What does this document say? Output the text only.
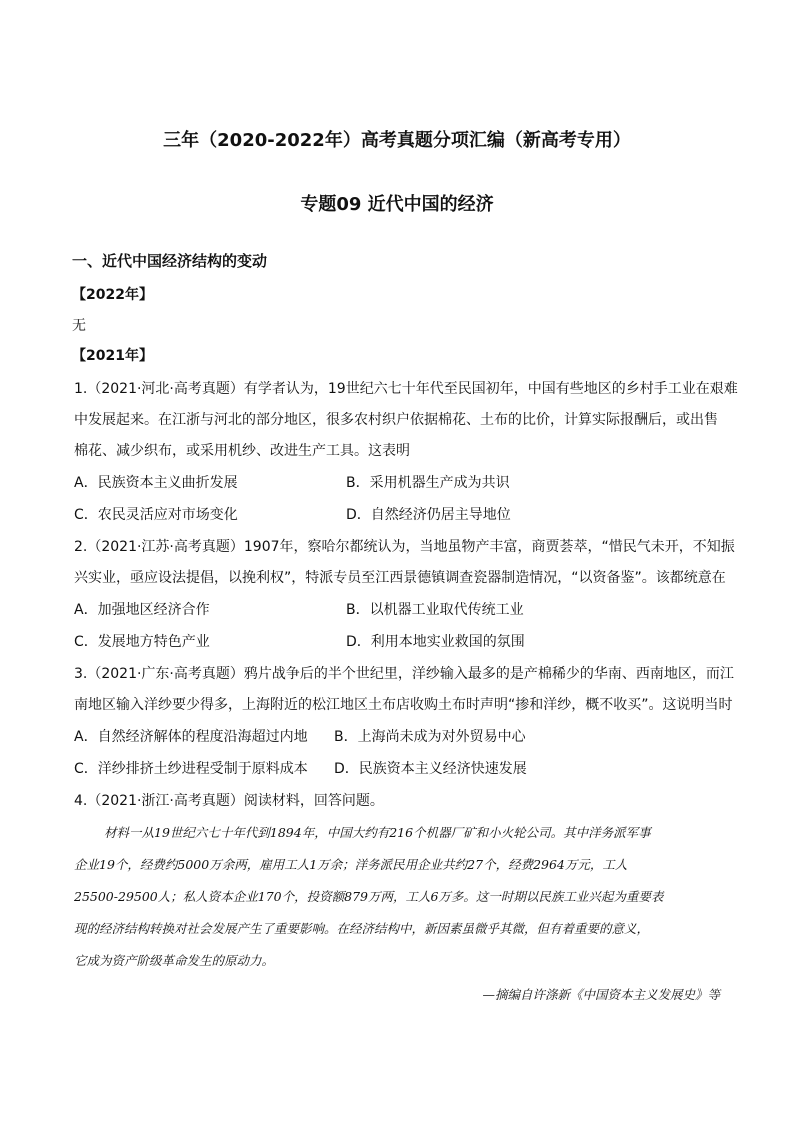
三年（2020-2022年）高考真题分项汇编（新高考专用）
专题09 近代中国的经济
一、近代中国经济结构的变动
【2022年】
无
【2021年】
1.（2021·河北·高考真题）有学者认为，19世纪六七十年代至民国初年，中国有些地区的乡村手工业在艰难
中发展起来。在江浙与河北的部分地区，很多农村织户依据棉花、土布的比价，计算实际报酬后，或出售
棉花、减少织布，或采用机纱、改进生产工具。这表明
A．民族资本主义曲折发展	B．采用机器生产成为共识
C．农民灵活应对市场变化	D．自然经济仍居主导地位
2.（2021·江苏·高考真题）1907年，察哈尔都统认为，当地虽物产丰富，商贾荟萃，“惜民气未开，不知振
兴实业，亟应设法提倡，以挽利权”，特派专员至江西景德镇调查瓷器制造情况，“以资备鉴”。该都统意在
A．加强地区经济合作	B．以机器工业取代传统工业
C．发展地方特色产业	D．利用本地实业救国的氛围
3.（2021·广东·高考真题）鸦片战争后的半个世纪里，洋纱输入最多的是产棉稀少的华南、西南地区，而江
南地区输入洋纱要少得多，上海附近的松江地区土布店收购土布时声明“掺和洋纱，概不收买”。这说明当时
A．自然经济解体的程度沿海超过内地 B．上海尚未成为对外贸易中心
C．洋纱排挤土纱进程受制于原料成本 D．民族资本主义经济快速发展
4.（2021·浙江·高考真题）阅读材料，回答问题。
材料一从19世纪六七十年代到1894年，中国大约有216个机器厂矿和小火轮公司。其中洋务派军事
企业19个，经费约5000万余两，雇用工人1万余；洋务派民用企业共约27个，经费2964万元，工人
25500-29500人；私人资本企业170个，投资额879万两，工人6万多。这一时期以民族工业兴起为重要表
现的经济结构转换对社会发展产生了重要影响。在经济结构中，新因素虽微乎其微，但有着重要的意义，
它成为资产阶级革命发生的原动力。
—摘编自许涤新《中国资本主义发展史》等
